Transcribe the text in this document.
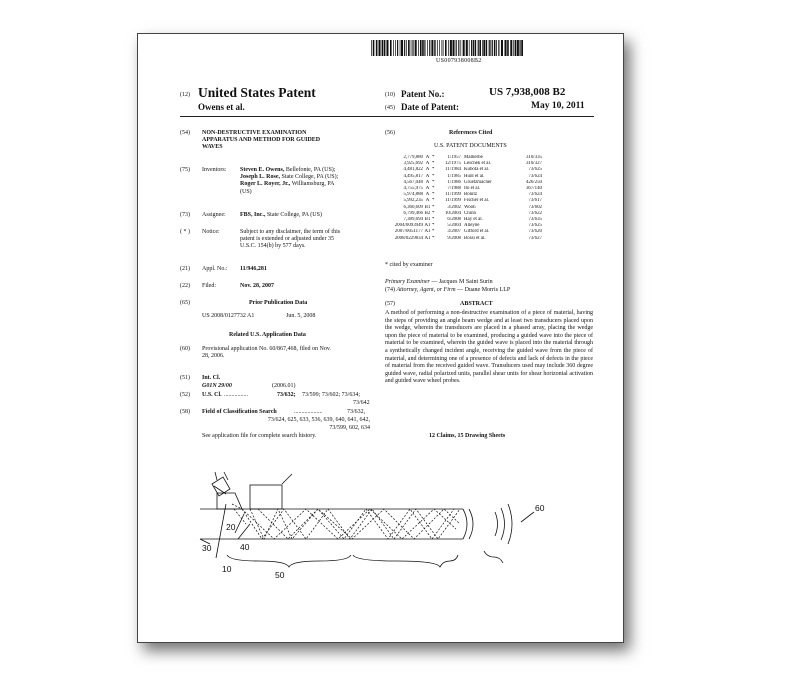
US007938008B2
(12) United States Patent
Owens et al.
(10) Patent No.:	US 7,938,008 B2
(45) Date of Patent:	May 10, 2011
(54) NON-DESTRUCTIVE EXAMINATION
APPARATUS AND METHOD FOR GUIDED
WAVES
(75) Inventors: Steven E. Owens, Bellefonte, PA (US);
Joseph L. Rose, State College, PA (US);
Roger L. Royer, Jr., Williamsburg, PA
(US)
(73) Assignee: FBS, Inc., State College, PA (US)
( * ) Notice:	Subject to any disclaimer, the term of this
patent is extended or adjusted under 35
U.S.C. 154(b) by 577 days.
(21) Appl. No.: 11/946,281
(22) Filed:	Nov. 28, 2007
(65)	Prior Publication Data
US 2008/0127732 A1	Jun. 5, 2008
Related U.S. Application Data
(60) Provisional application No. 60/867,468, filed on Nov.
28, 2006.
(51) Int. Cl.
G01N 29/00	(2006.01)
(52) U.S. Cl. ................	73/632; 73/599; 73/602; 73/634;
73/642
(58) Field of Classification Search	...................	73/632,
73/624, 625, 633, 536, 639, 640, 641, 642,
73/599, 602, 634
See application file for complete search history.
(56)	References Cited
U.S. PATENT DOCUMENTS
2,779,880 A *	1/1957 Malherbe	310/335
3,925,692 A *	12/1975 Leschek et al.	310/327
4,481,822 A *	11/1984 Kubota et al.	73/625
4,495,817 A *	1/1985 Hunt et al.	73/624
4,567,048 A *	1/1986 Gruetzmacher	426/250
4,755,975 A *	7/1988 Ito et al.	367/140
5,974,888 A *	11/1999 Bonitz	73/624
5,992,235 A *	11/1999 Fischer et al.	73/617
6,360,609 B1 *	3/2002 Wooh	73/602
6,799,466 B2 *	10/2004 Chinn	73/622
7,389,694 B1 *	6/2008 Hay et al.	73/635
2004/0093949 A1 *	5/2004 Alleyne	73/625
2007/0051177 A1 *	3/2007 Gifford et al.	73/620
2008/0229834 A1 *	9/2008 Bossi et al.	73/627
* cited by examiner
Primary Examiner — Jacques M Saint Surin
(74) Attorney, Agent, or Firm — Duane Morris LLP
(57)	ABSTRACT
A method of performing a non-destructive examination of a piece of material, having the steps of providing an angle beam wedge and at least two transducers placed upon the wedge, wherein the transducers are placed in a phased array, placing the wedge upon the piece of material to be examined, producing a guided wave into the piece of material to be examined, wherein the guided wave is placed into the material through a synthetically changed incident angle, receiving the guided wave from the piece of material, and determining one of a presence of defects and lack of defects in the piece of material from the received guided wave. Transducers used may include 360 degree guided wave, radial polarized units, parallel shear units for shear horizontal activation and guided wave wheel probes.
12 Claims, 15 Drawing Sheets
20
40
30
10
50
60
